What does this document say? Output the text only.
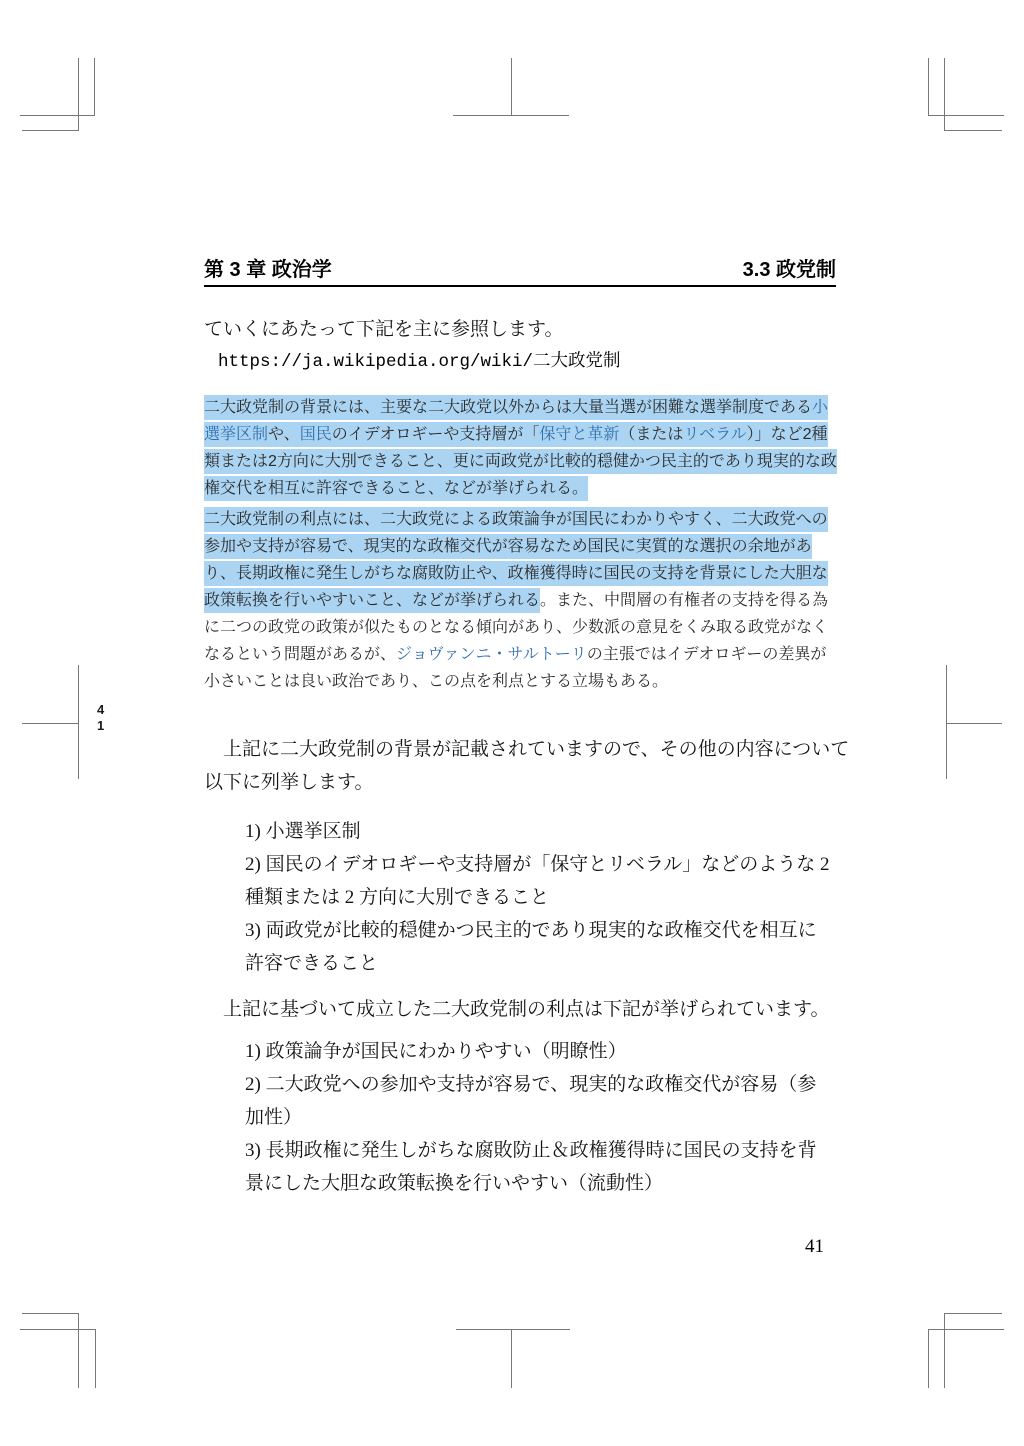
4
1
第 3 章 政治学	3.3 政党制
ていくにあたって下記を主に参照します。
https://ja.wikipedia.org/wiki/二大政党制
二大政党制の背景には、主要な二大政党以外からは大量当選が困難な選挙制度である小
選挙区制や、国民のイデオロギーや支持層が「保守と革新（またはリベラル）」など2種
類または2方向に大別できること、更に両政党が比較的穏健かつ民主的であり現実的な政
権交代を相互に許容できること、などが挙げられる。
二大政党制の利点には、二大政党による政策論争が国民にわかりやすく、二大政党への
参加や支持が容易で、現実的な政権交代が容易なため国民に実質的な選択の余地があ
り、長期政権に発生しがちな腐敗防止や、政権獲得時に国民の支持を背景にした大胆な
政策転換を行いやすいこと、などが挙げられる。また、中間層の有権者の支持を得る為
に二つの政党の政策が似たものとなる傾向があり、少数派の意見をくみ取る政党がなく
なるという問題があるが、ジョヴァンニ・サルトーリの主張ではイデオロギーの差異が
小さいことは良い政治であり、この点を利点とする立場もある。
上記に二大政党制の背景が記載されていますので、その他の内容について
以下に列挙します。
1) 小選挙区制
2) 国民のイデオロギーや支持層が「保守とリベラル」などのような 2
種類または 2 方向に大別できること
3) 両政党が比較的穏健かつ民主的であり現実的な政権交代を相互に
許容できること
上記に基づいて成立した二大政党制の利点は下記が挙げられています。
1) 政策論争が国民にわかりやすい（明瞭性）
2) 二大政党への参加や支持が容易で、現実的な政権交代が容易（参
加性）
3) 長期政権に発生しがちな腐敗防止＆政権獲得時に国民の支持を背
景にした大胆な政策転換を行いやすい（流動性）
41
